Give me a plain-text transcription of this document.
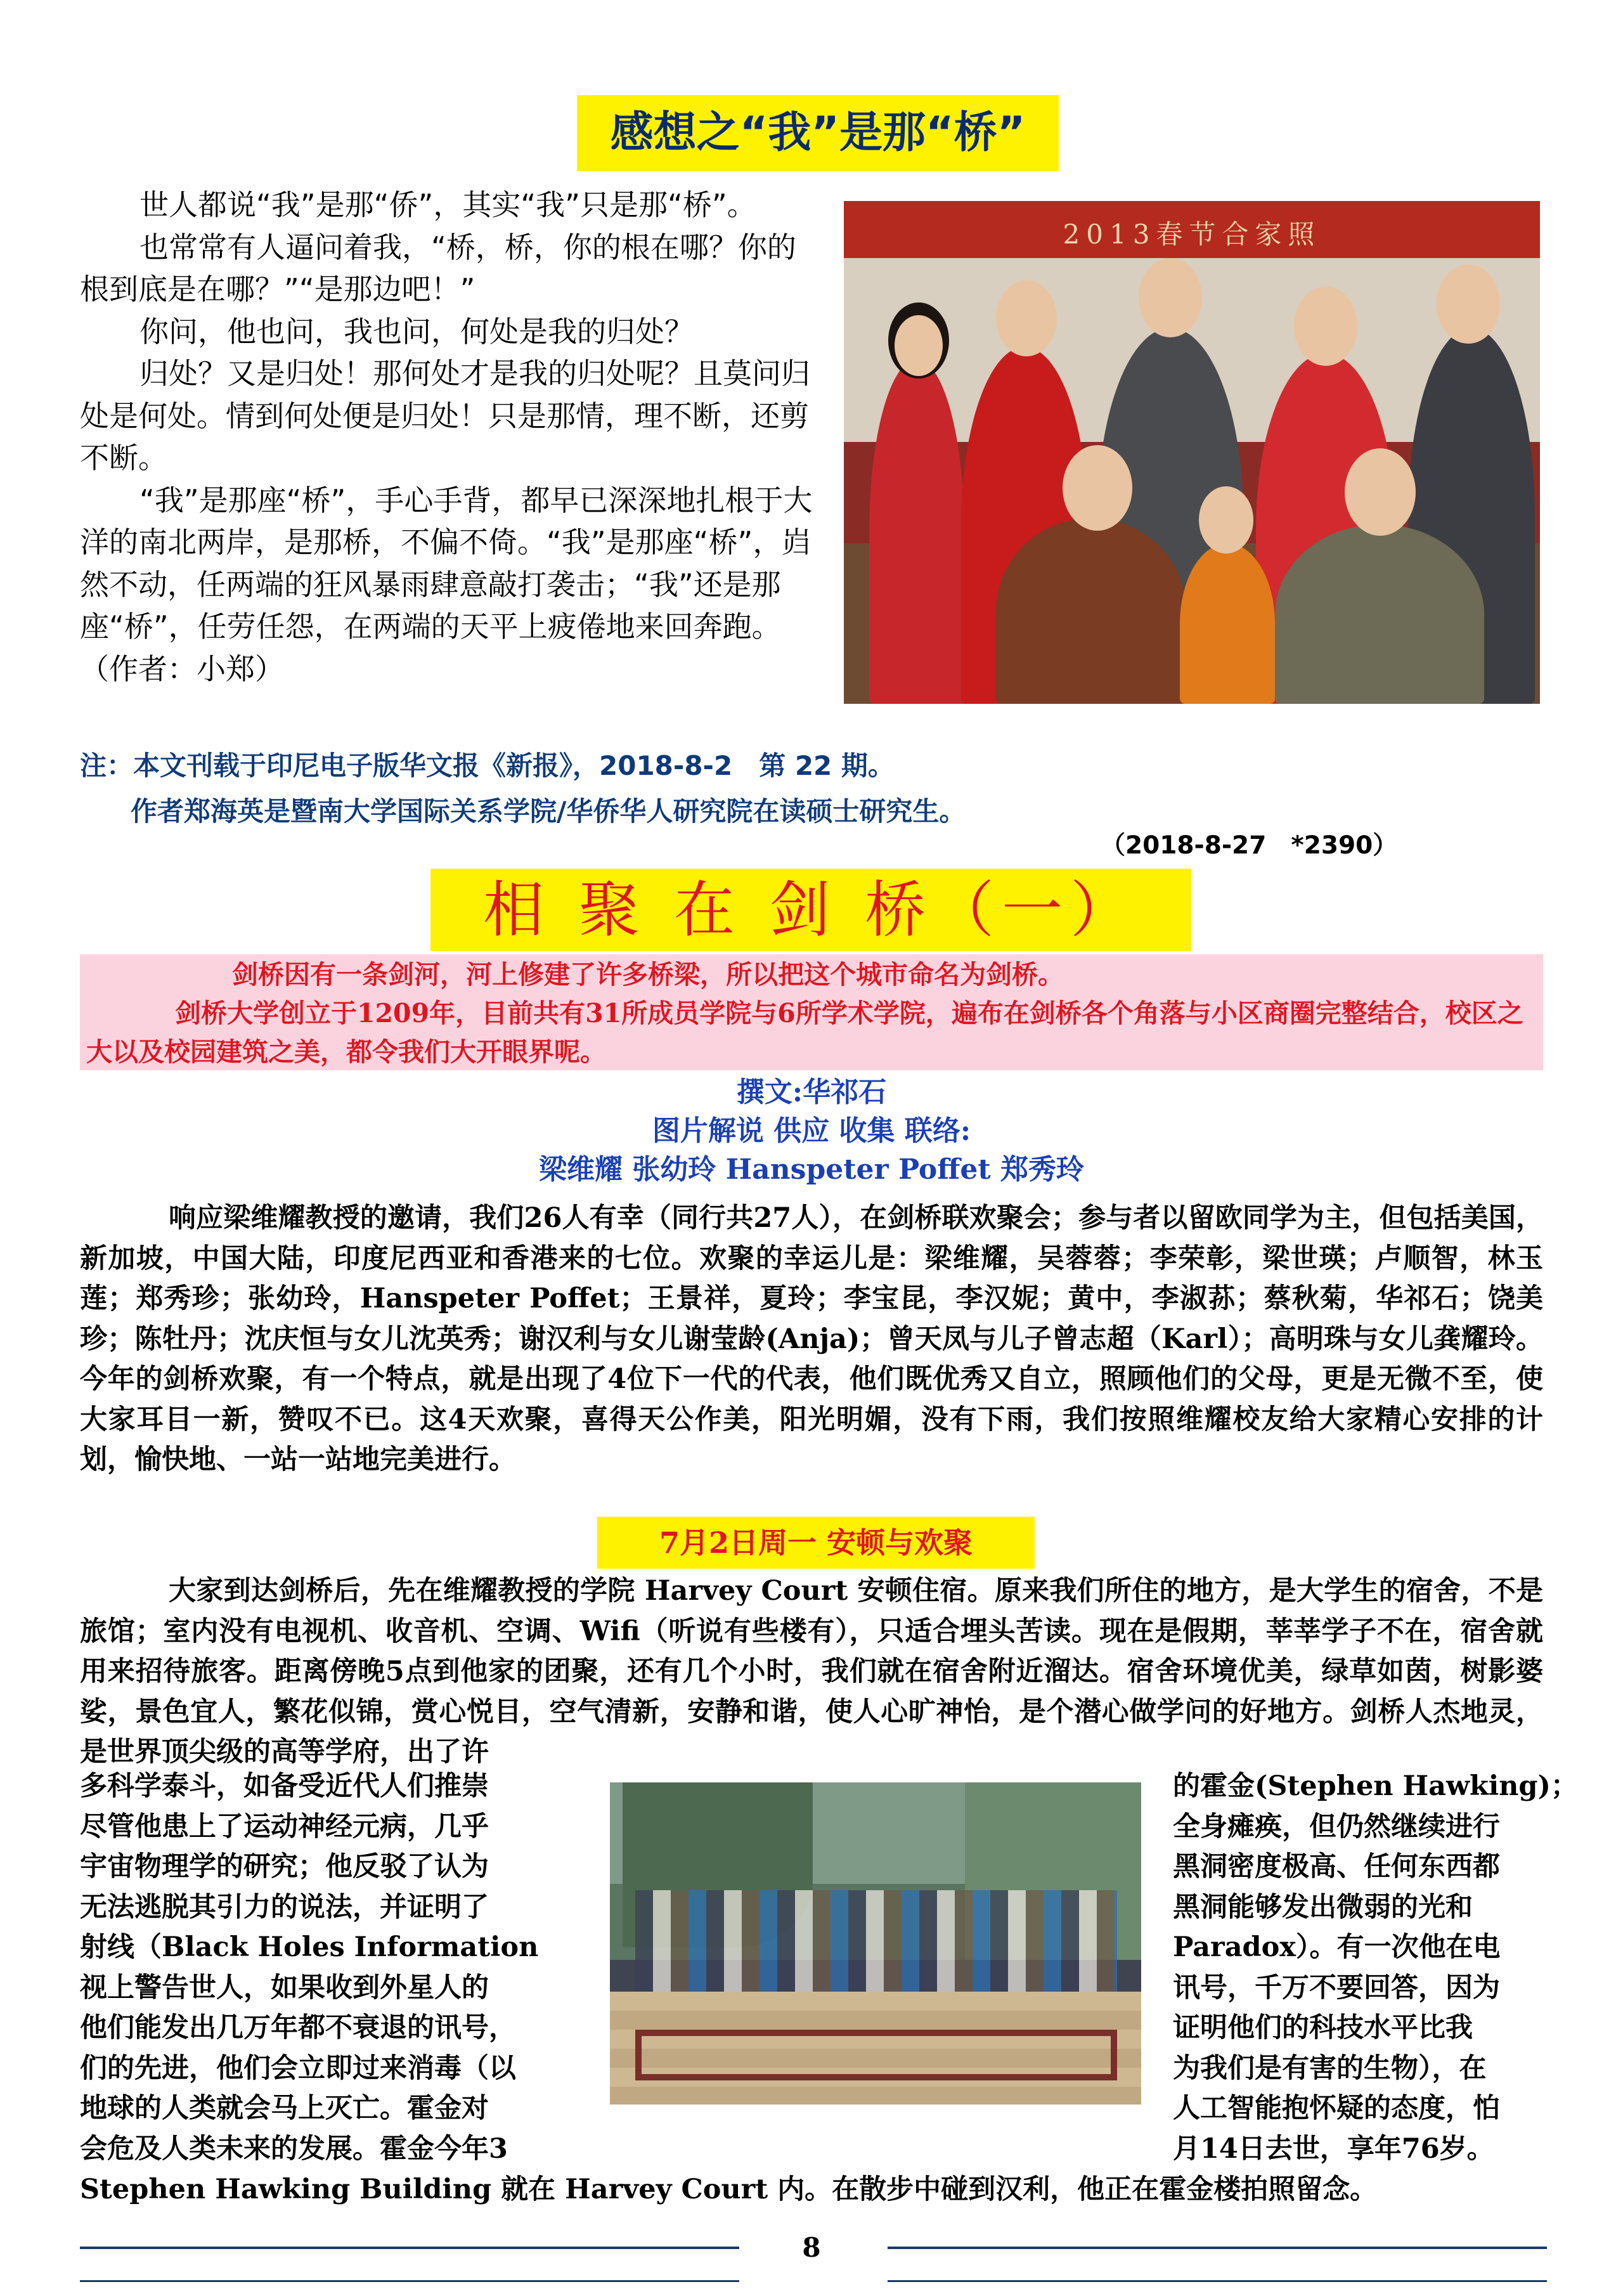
感想之“我”是那“桥”

世人都说“我”是那“侨”，其实“我”只是那“桥”。

也常常有人逼问着我，“桥，桥，你的根在哪？你的根到底是在哪？”“是那边吧！”

你问，他也问，我也问，何处是我的归处？

归处？又是归处！那何处才是我的归处呢？且莫问归处是何处。情到何处便是归处！只是那情，理不断，还剪不断。

“我”是那座“桥”，手心手背，都早已深深地扎根于大洋的南北两岸，是那桥，不偏不倚。“我”是那座“桥”，岿然不动，任两端的狂风暴雨肆意敲打袭击；“我”还是那座“桥”，任劳任怨，在两端的天平上疲倦地来回奔跑。　　　　（作者：小郑）

2013春节合家照

注：本文刊载于印尼电子版华文报《新报》，2018-8-2　第 22 期。

作者郑海英是暨南大学国际关系学院/华侨华人研究院在读硕士研究生。

（2018-8-27　*2390）
相 聚 在 剑 桥（一）

剑桥因有一条剑河，河上修建了许多桥梁，所以把这个城市命名为剑桥。

剑桥大学创立于1209年，目前共有31所成员学院与6所学术学院，遍布在剑桥各个角落与小区商圈完整结合，校区之大以及校园建筑之美，都令我们大开眼界呢。

撰文:华祁石

图片解说 供应 收集 联络:

梁维耀 张幼玲 Hanspeter Poffet 郑秀玲

响应梁维耀教授的邀请，我们26人有幸（同行共27人），在剑桥联欢聚会；参与者以留欧同学为主，但包括美国，新加坡，中国大陆，印度尼西亚和香港来的七位。欢聚的幸运儿是：梁维耀，吴蓉蓉；李荣彰，梁世瑛；卢顺智，林玉莲；郑秀珍；张幼玲，Hanspeter Poffet；王景祥，夏玲；李宝昆，李汉妮；黄中，李淑荪；蔡秋菊，华祁石；饶美珍；陈牡丹；沈庆恒与女儿沈英秀；谢汉利与女儿谢莹龄(Anja)；曾天凤与儿子曾志超（Karl）；高明珠与女儿龚耀玲。今年的剑桥欢聚，有一个特点，就是出现了4位下一代的代表，他们既优秀又自立，照顾他们的父母，更是无微不至，使大家耳目一新，赞叹不已。这4天欢聚，喜得天公作美，阳光明媚，没有下雨，我们按照维耀校友给大家精心安排的计划，愉快地、一站一站地完美进行。

7月2日周一 安顿与欢聚

大家到达剑桥后，先在维耀教授的学院 Harvey Court 安顿住宿。原来我们所住的地方，是大学生的宿舍，不是旅馆；室内没有电视机、收音机、空调、Wifi（听说有些楼有），只适合埋头苦读。现在是假期，莘莘学子不在，宿舍就用来招待旅客。距离傍晚5点到他家的团聚，还有几个小时，我们就在宿舍附近溜达。宿舍环境优美，绿草如茵，树影婆娑，景色宜人，繁花似锦，赏心悦目，空气清新，安静和谐，使人心旷神怡，是个潜心做学问的好地方。剑桥人杰地灵，是世界顶尖级的高等学府，出了许

多科学泰斗，如备受近代人们推崇
尽管他患上了运动神经元病，几乎
宇宙物理学的研究；他反驳了认为
无法逃脱其引力的说法，并证明了
射线（Black Holes Information
视上警告世人，如果收到外星人的
他们能发出几万年都不衰退的讯号，
们的先进，他们会立即过来消毒（以
地球的人类就会马上灭亡。霍金对
会危及人类未来的发展。霍金今年3
的霍金(Stephen Hawking)；
全身瘫痪，但仍然继续进行
黑洞密度极高、任何东西都
黑洞能够发出微弱的光和
Paradox）。有一次他在电
讯号，千万不要回答，因为
证明他们的科技水平比我
为我们是有害的生物），在
人工智能抱怀疑的态度，怕
月14日去世，享年76岁。
Stephen Hawking Building 就在 Harvey Court 内。在散步中碰到汉利，他正在霍金楼拍照留念。
8
